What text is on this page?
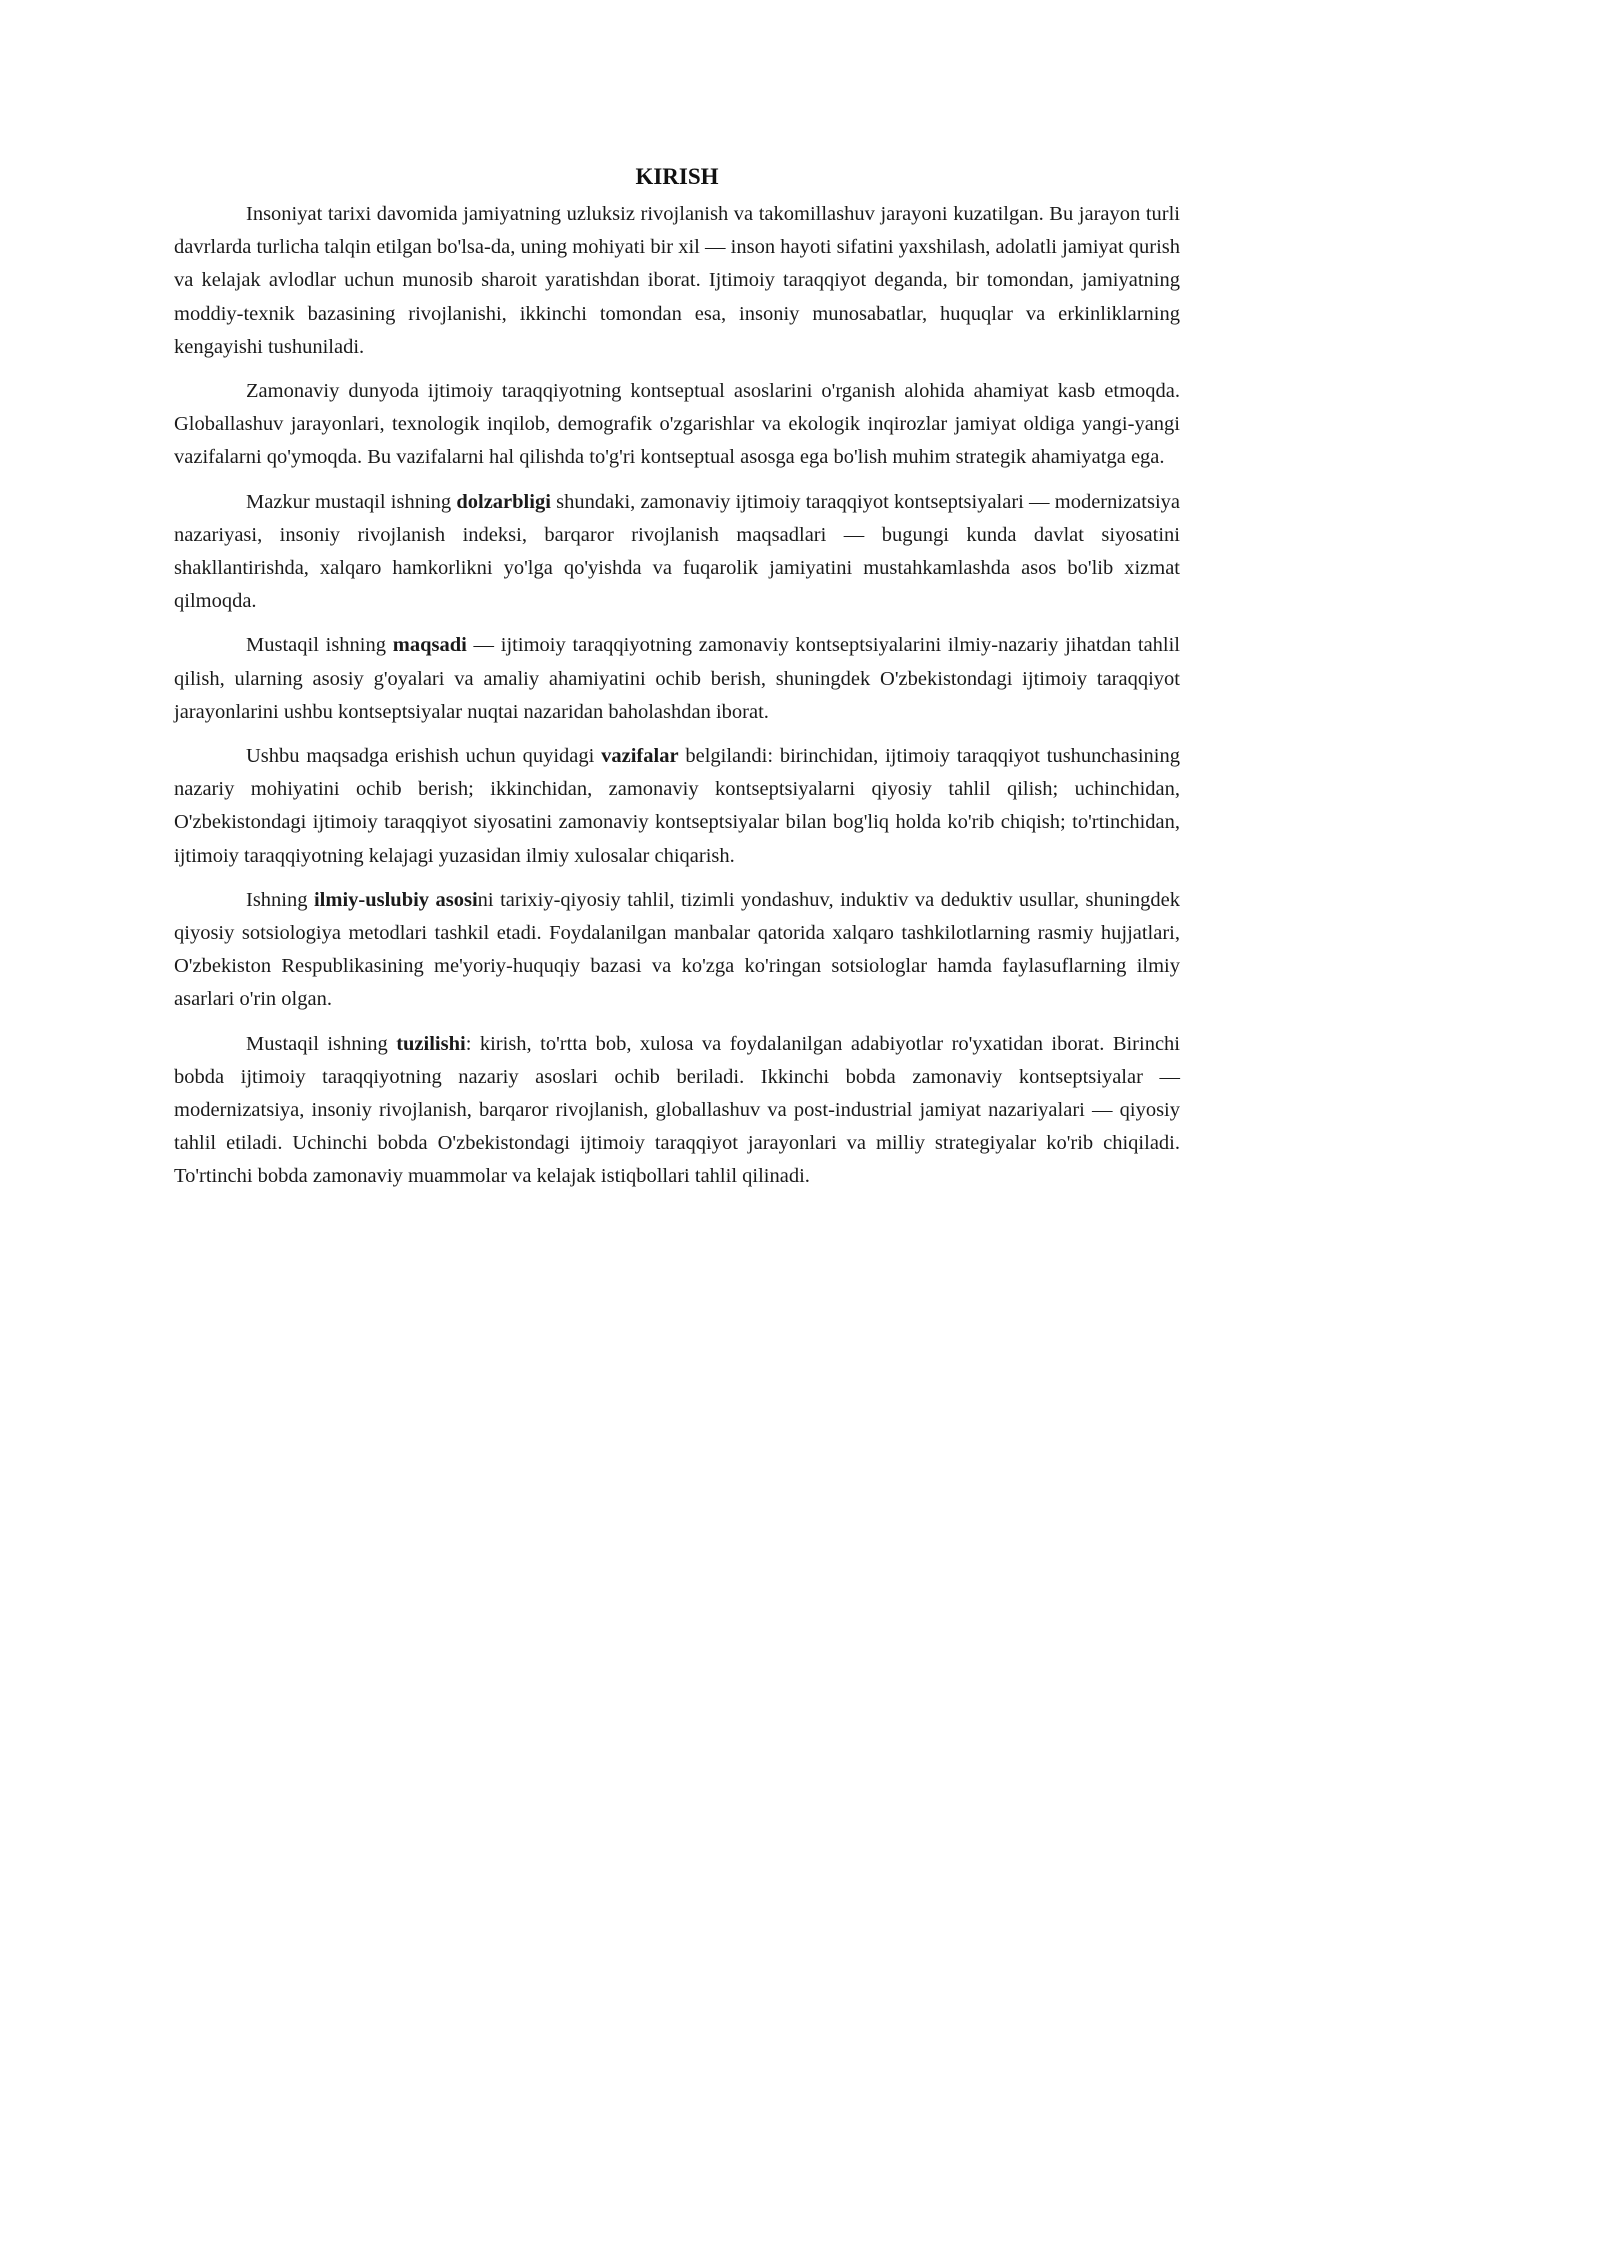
KIRISH

Insoniyat tarixi davomida jamiyatning uzluksiz rivojlanish va takomillashuv jarayoni kuzatilgan. Bu jarayon turli davrlarda turlicha talqin etilgan bo'lsa-da, uning mohiyati bir xil — inson hayoti sifatini yaxshilash, adolatli jamiyat qurish va kelajak avlodlar uchun munosib sharoit yaratishdan iborat. Ijtimoiy taraqqiyot deganda, bir tomondan, jamiyatning moddiy-texnik bazasining rivojlanishi, ikkinchi tomondan esa, insoniy munosabatlar, huquqlar va erkinliklarning kengayishi tushuniladi.

Zamonaviy dunyoda ijtimoiy taraqqiyotning kontseptual asoslarini o'rganish alohida ahamiyat kasb etmoqda. Globallashuv jarayonlari, texnologik inqilob, demografik o'zgarishlar va ekologik inqirozlar jamiyat oldiga yangi-yangi vazifalarni qo'ymoqda. Bu vazifalarni hal qilishda to'g'ri kontseptual asosga ega bo'lish muhim strategik ahamiyatga ega.

Mazkur mustaqil ishning dolzarbligi shundaki, zamonaviy ijtimoiy taraqqiyot kontseptsiyalari — modernizatsiya nazariyasi, insoniy rivojlanish indeksi, barqaror rivojlanish maqsadlari — bugungi kunda davlat siyosatini shakllantirishda, xalqaro hamkorlikni yo'lga qo'yishda va fuqarolik jamiyatini mustahkamlashda asos bo'lib xizmat qilmoqda.

Mustaqil ishning maqsadi — ijtimoiy taraqqiyotning zamonaviy kontseptsiyalarini ilmiy-nazariy jihatdan tahlil qilish, ularning asosiy g'oyalari va amaliy ahamiyatini ochib berish, shuningdek O'zbekistondagi ijtimoiy taraqqiyot jarayonlarini ushbu kontseptsiyalar nuqtai nazaridan baholashdan iborat.

Ushbu maqsadga erishish uchun quyidagi vazifalar belgilandi: birinchidan, ijtimoiy taraqqiyot tushunchasining nazariy mohiyatini ochib berish; ikkinchidan, zamonaviy kontseptsiyalarni qiyosiy tahlil qilish; uchinchidan, O'zbekistondagi ijtimoiy taraqqiyot siyosatini zamonaviy kontseptsiyalar bilan bog'liq holda ko'rib chiqish; to'rtinchidan, ijtimoiy taraqqiyotning kelajagi yuzasidan ilmiy xulosalar chiqarish.

Ishning ilmiy-uslubiy asosini tarixiy-qiyosiy tahlil, tizimli yondashuv, induktiv va deduktiv usullar, shuningdek qiyosiy sotsiologiya metodlari tashkil etadi. Foydalanilgan manbalar qatorida xalqaro tashkilotlarning rasmiy hujjatlari, O'zbekiston Respublikasining me'yoriy-huquqiy bazasi va ko'zga ko'ringan sotsiologlar hamda faylasuflarning ilmiy asarlari o'rin olgan.

Mustaqil ishning tuzilishi: kirish, to'rtta bob, xulosa va foydalanilgan adabiyotlar ro'yxatidan iborat. Birinchi bobda ijtimoiy taraqqiyotning nazariy asoslari ochib beriladi. Ikkinchi bobda zamonaviy kontseptsiyalar — modernizatsiya, insoniy rivojlanish, barqaror rivojlanish, globallashuv va post-industrial jamiyat nazariyalari — qiyosiy tahlil etiladi. Uchinchi bobda O'zbekistondagi ijtimoiy taraqqiyot jarayonlari va milliy strategiyalar ko'rib chiqiladi. To'rtinchi bobda zamonaviy muammolar va kelajak istiqbollari tahlil qilinadi.
